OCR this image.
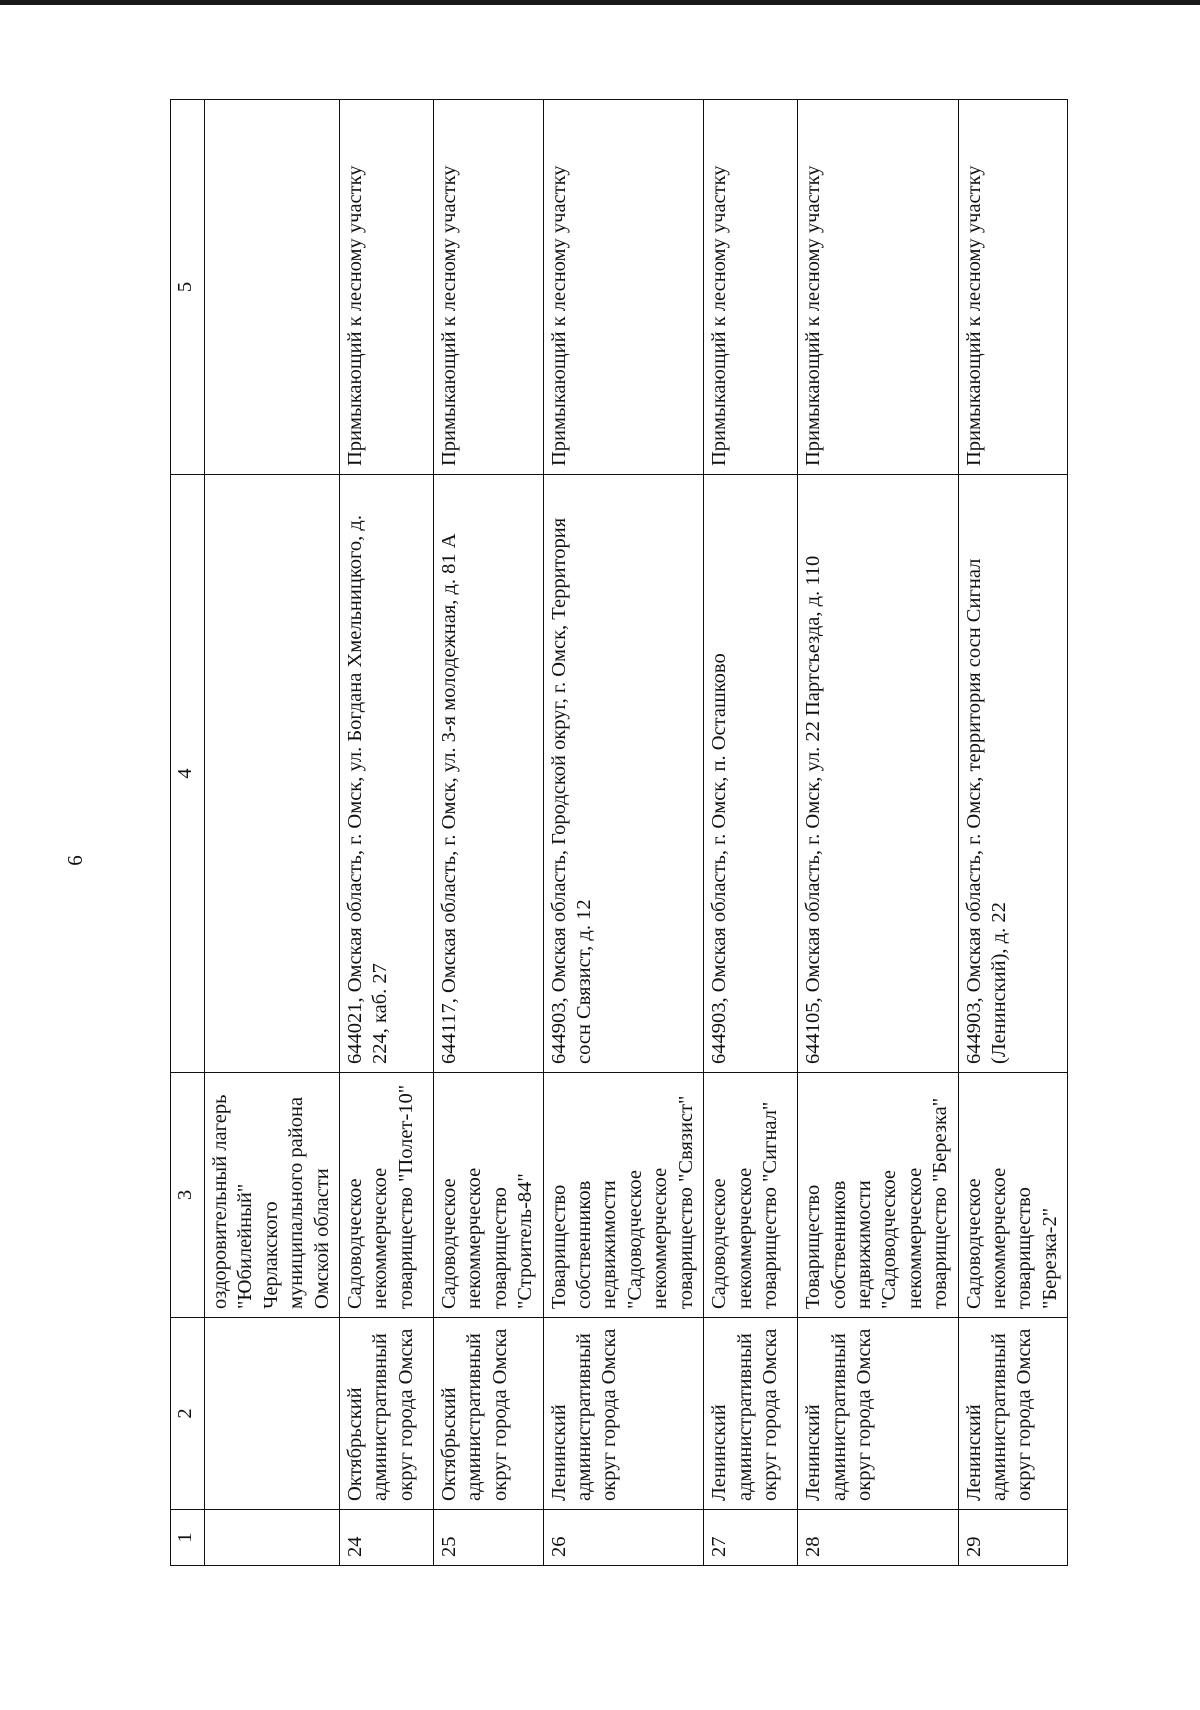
6
1	2	3	4	5
		оздоровительный лагерь "Юбилейный" Черлакского муниципального района Омской области		
24	Октябрьский административный округ города Омска	Садоводческое некоммерческое товарищество "Полет-10"	644021, Омская область, г. Омск, ул. Богдана Хмельницкого, д. 224, каб. 27	Примыкающий к лесному участку
25	Октябрьский административный округ города Омска	Садоводческое некоммерческое товарищество "Строитель-84"	644117, Омская область, г. Омск, ул. 3-я молодежная, д. 81 А	Примыкающий к лесному участку
26	Ленинский административный округ города Омска	Товарищество собственников недвижимости "Садоводческое некоммерческое товарищество "Связист"	644903, Омская область, Городской округ, г. Омск, Территория сосн Связист, д. 12	Примыкающий к лесному участку
27	Ленинский административный округ города Омска	Садоводческое некоммерческое товарищество "Сигнал"	644903, Омская область, г. Омск, п. Осташково	Примыкающий к лесному участку
28	Ленинский административный округ города Омска	Товарищество собственников недвижимости "Садоводческое некоммерческое товарищество "Березка"	644105, Омская область, г. Омск, ул. 22 Партсъезда, д. 110	Примыкающий к лесному участку
29	Ленинский административный округ города Омска	Садоводческое некоммерческое товарищество "Березка-2"	644903, Омская область, г. Омск, территория сосн Сигнал (Ленинский), д. 22	Примыкающий к лесному участку
